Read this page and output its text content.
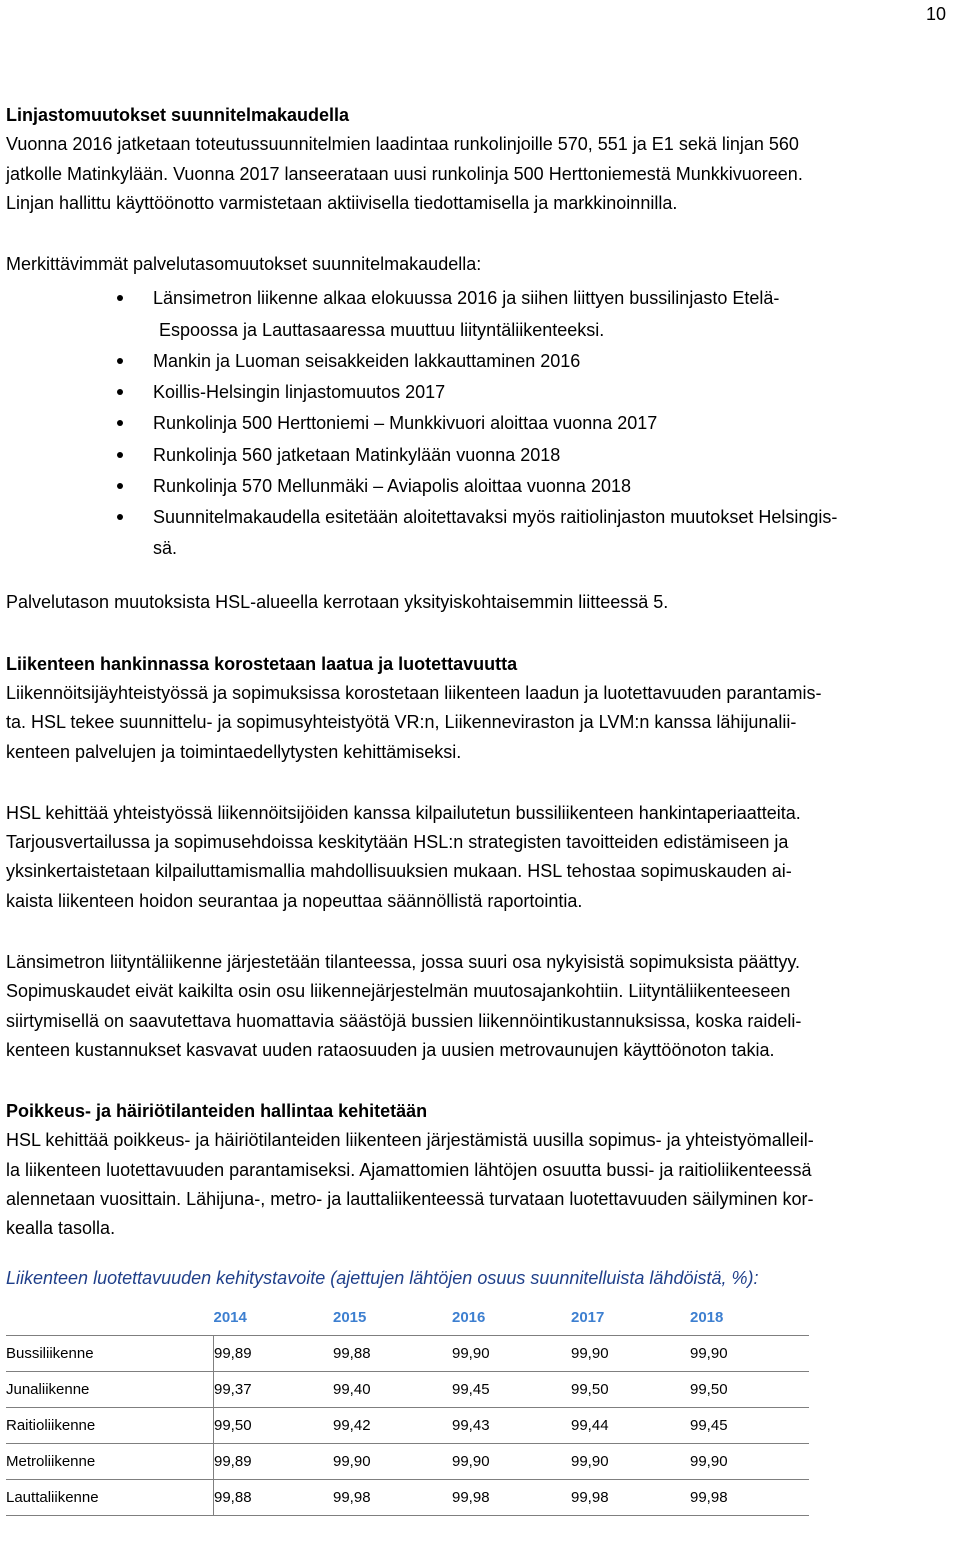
10
Linjastomuutokset suunnitelmakaudella

Vuonna 2016 jatketaan toteutussuunnitelmien laadintaa runkolinjoille 570, 551 ja E1 sekä linjan 560

jatkolle Matinkylään. Vuonna 2017 lanseerataan uusi runkolinja 500 Herttoniemestä Munkkivuoreen.

Linjan hallittu käyttöönotto varmistetaan aktiivisella tiedottamisella ja markkinoinnilla.

Merkittävimmät palvelutasomuutokset suunnitelmakaudella:

Länsimetron liikenne alkaa elokuussa 2016 ja siihen liittyen bussilinjasto Etelä-
Espoossa ja Lauttasaaressa muuttuu liityntäliikenteeksi.
Mankin ja Luoman seisakkeiden lakkauttaminen 2016
Koillis-Helsingin linjastomuutos 2017
Runkolinja 500 Herttoniemi – Munkkivuori aloittaa vuonna 2017
Runkolinja 560 jatketaan Matinkylään vuonna 2018
Runkolinja 570 Mellunmäki – Aviapolis aloittaa vuonna 2018
Suunnitelmakaudella esitetään aloitettavaksi myös raitiolinjaston muutokset Helsingis-
sä.

Palvelutason muutoksista HSL-alueella kerrotaan yksityiskohtaisemmin liitteessä 5.

Liikenteen hankinnassa korostetaan laatua ja luotettavuutta

Liikennöitsijäyhteistyössä ja sopimuksissa korostetaan liikenteen laadun ja luotettavuuden parantamis-

ta. HSL tekee suunnittelu- ja sopimusyhteistyötä VR:n, Liikenneviraston ja LVM:n kanssa lähijunalii-

kenteen palvelujen ja toimintaedellytysten kehittämiseksi.

HSL kehittää yhteistyössä liikennöitsijöiden kanssa kilpailutetun bussiliikenteen hankintaperiaatteita.

Tarjousvertailussa ja sopimusehdoissa keskitytään HSL:n strategisten tavoitteiden edistämiseen ja

yksinkertaistetaan kilpailuttamismallia mahdollisuuksien mukaan. HSL tehostaa sopimuskauden ai-

kaista liikenteen hoidon seurantaa ja nopeuttaa säännöllistä raportointia.

Länsimetron liityntäliikenne järjestetään tilanteessa, jossa suuri osa nykyisistä sopimuksista päättyy.

Sopimuskaudet eivät kaikilta osin osu liikennejärjestelmän muutosajankohtiin. Liityntäliikenteeseen

siirtymisellä on saavutettava huomattavia säästöjä bussien liikennöintikustannuksissa, koska raideli-

kenteen kustannukset kasvavat uuden rataosuuden ja uusien metrovaunujen käyttöönoton takia.

Poikkeus- ja häiriötilanteiden hallintaa kehitetään

HSL kehittää poikkeus- ja häiriötilanteiden liikenteen järjestämistä uusilla sopimus- ja yhteistyömalleil-

la liikenteen luotettavuuden parantamiseksi. Ajamattomien lähtöjen osuutta bussi- ja raitioliikenteessä

alennetaan vuosittain. Lähijuna-, metro- ja lauttaliikenteessä turvataan luotettavuuden säilyminen kor-

kealla tasolla.

Liikenteen luotettavuuden kehitystavoite (ajettujen lähtöjen osuus suunnitelluista lähdöistä, %):

	2014	2015	2016	2017	2018
Bussiliikenne	99,89	99,88	99,90	99,90	99,90
Junaliikenne	99,37	99,40	99,45	99,50	99,50
Raitioliikenne	99,50	99,42	99,43	99,44	99,45
Metroliikenne	99,89	99,90	99,90	99,90	99,90
Lauttaliikenne	99,88	99,98	99,98	99,98	99,98
